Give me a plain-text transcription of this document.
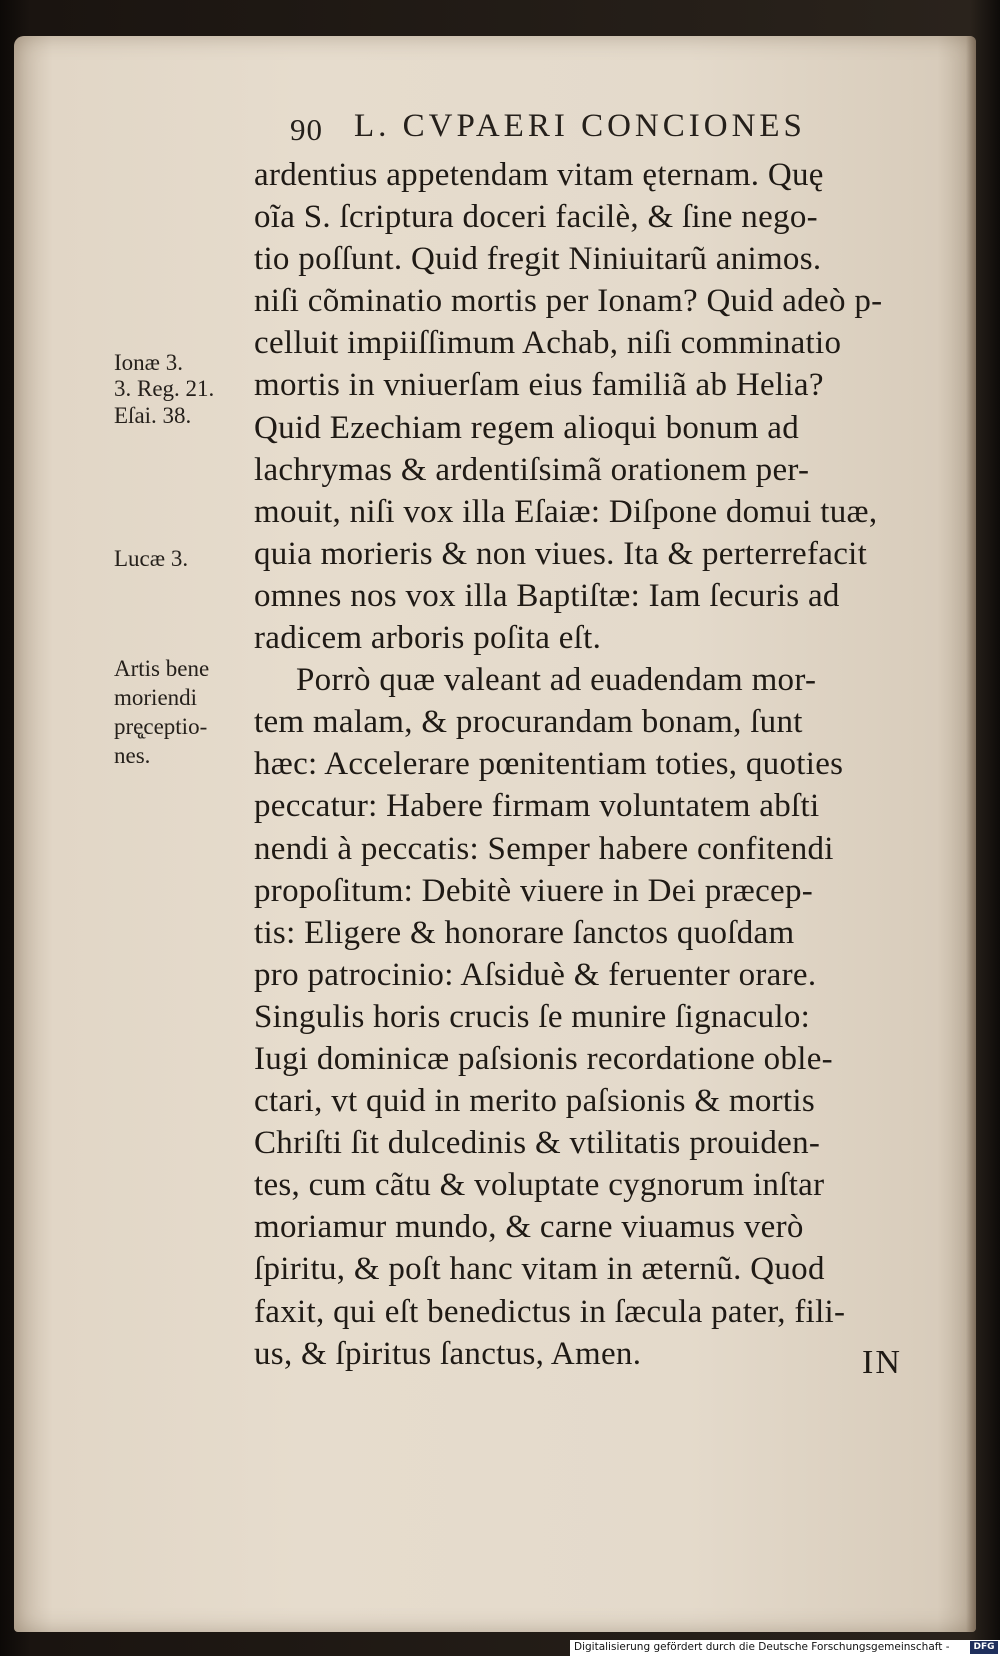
90 L. CVPAERI CONCIONES
Ionæ 3.
3. Reg. 21.
Eſai. 38.
Lucæ 3.
Artis bene
moriendi
prę̨ceptio-
nes.
ardentius appetendam vitam ęternam. Quę
oĩa S. ſcriptura doceri facilè, & ſine nego-
tio poſſunt. Quid fregit Niniuitarũ animos.
niſi cõminatio mortis per Ionam? Quid adeò p-
celluit impiiſſimum Achab, niſi comminatio
mortis in vniuerſam eius familiã ab Helia?
Quid Ezechiam regem alioqui bonum ad
lachrymas & ardentiſsimã orationem per-
mouit, niſi vox illa Eſaiæ: Diſpone domui tuæ,
quia morieris & non viues. Ita & perterrefacit
omnes nos vox illa Baptiſtæ: Iam ſecuris ad
radicem arboris poſita eſt.
Porrò quæ valeant ad euadendam mor-
tem malam, & procurandam bonam, ſunt
hæc: Accelerare pœnitentiam toties, quoties
peccatur: Habere firmam voluntatem abſti
nendi à peccatis: Semper habere confitendi
propoſitum: Debitè viuere in Dei præcep-
tis: Eligere & honorare ſanctos quoſdam
pro patrocinio: Aſsiduè & feruenter orare.
Singulis horis crucis ſe munire ſignaculo:
Iugi dominicæ paſsionis recordatione oble-
ctari, vt quid in merito paſsionis & mortis
Chriſti ſit dulcedinis & vtilitatis prouiden-
tes, cum cãtu & voluptate cygnorum inſtar
moriamur mundo, & carne viuamus verò
ſpiritu, & poſt hanc vitam in æternũ. Quod
faxit, qui eſt benedictus in ſæcula pater, fili-
us, & ſpiritus ſanctus, Amen.	IN
Digitalisierung gefördert durch die Deutsche Forschungsgemeinschaft -	DFG
